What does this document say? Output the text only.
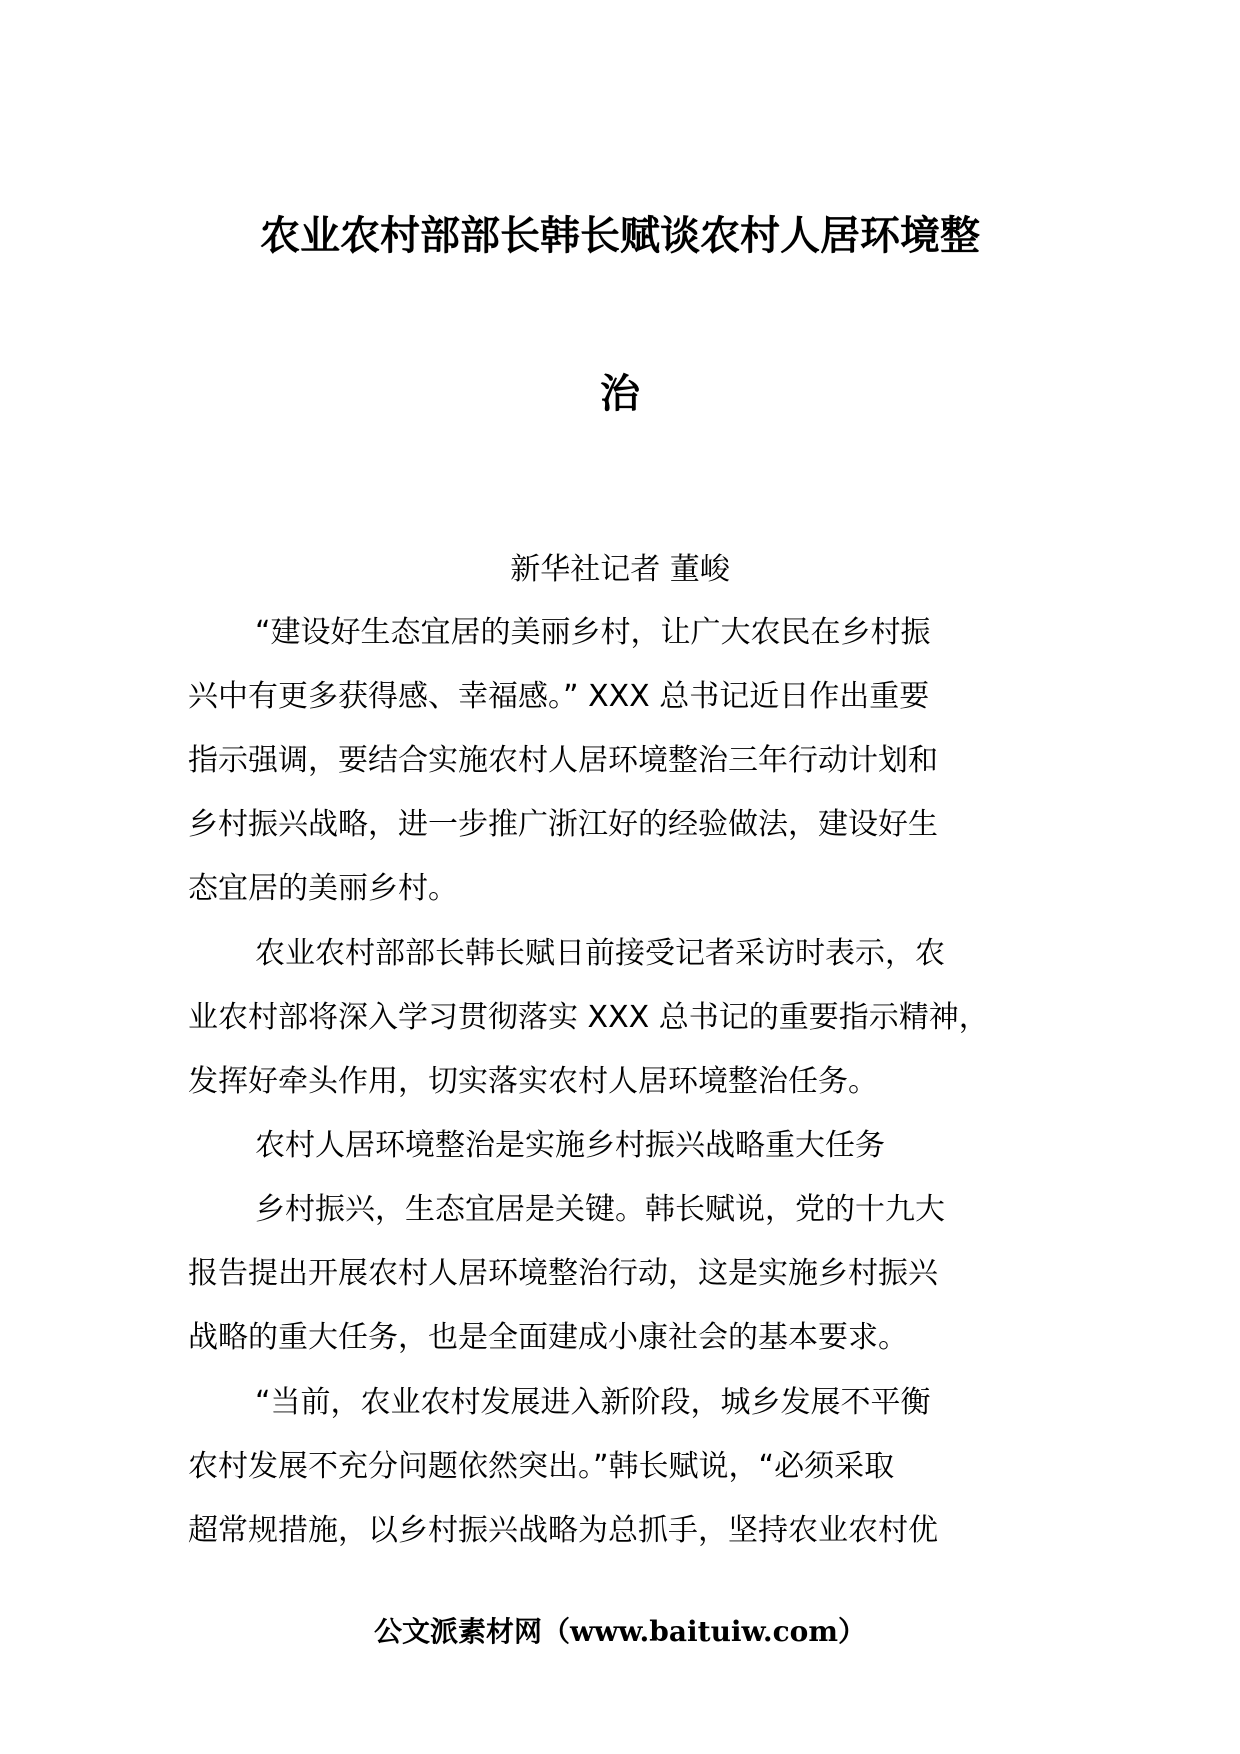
农业农村部部长韩长赋谈农村人居环境整
治
新华社记者 董峻
“建设好生态宜居的美丽乡村，让广大农民在乡村振
兴中有更多获得感、幸福感。” XXX 总书记近日作出重要
指示强调，要结合实施农村人居环境整治三年行动计划和
乡村振兴战略，进一步推广浙江好的经验做法，建设好生
态宜居的美丽乡村。
农业农村部部长韩长赋日前接受记者采访时表示，农
业农村部将深入学习贯彻落实 XXX 总书记的重要指示精神，
发挥好牵头作用，切实落实农村人居环境整治任务。
农村人居环境整治是实施乡村振兴战略重大任务
乡村振兴，生态宜居是关键。韩长赋说，党的十九大
报告提出开展农村人居环境整治行动，这是实施乡村振兴
战略的重大任务，也是全面建成小康社会的基本要求。
“当前，农业农村发展进入新阶段，城乡发展不平衡
农村发展不充分问题依然突出。”韩长赋说，“必须采取
超常规措施，以乡村振兴战略为总抓手，坚持农业农村优
公文派素材网（www.baituiw.com）
